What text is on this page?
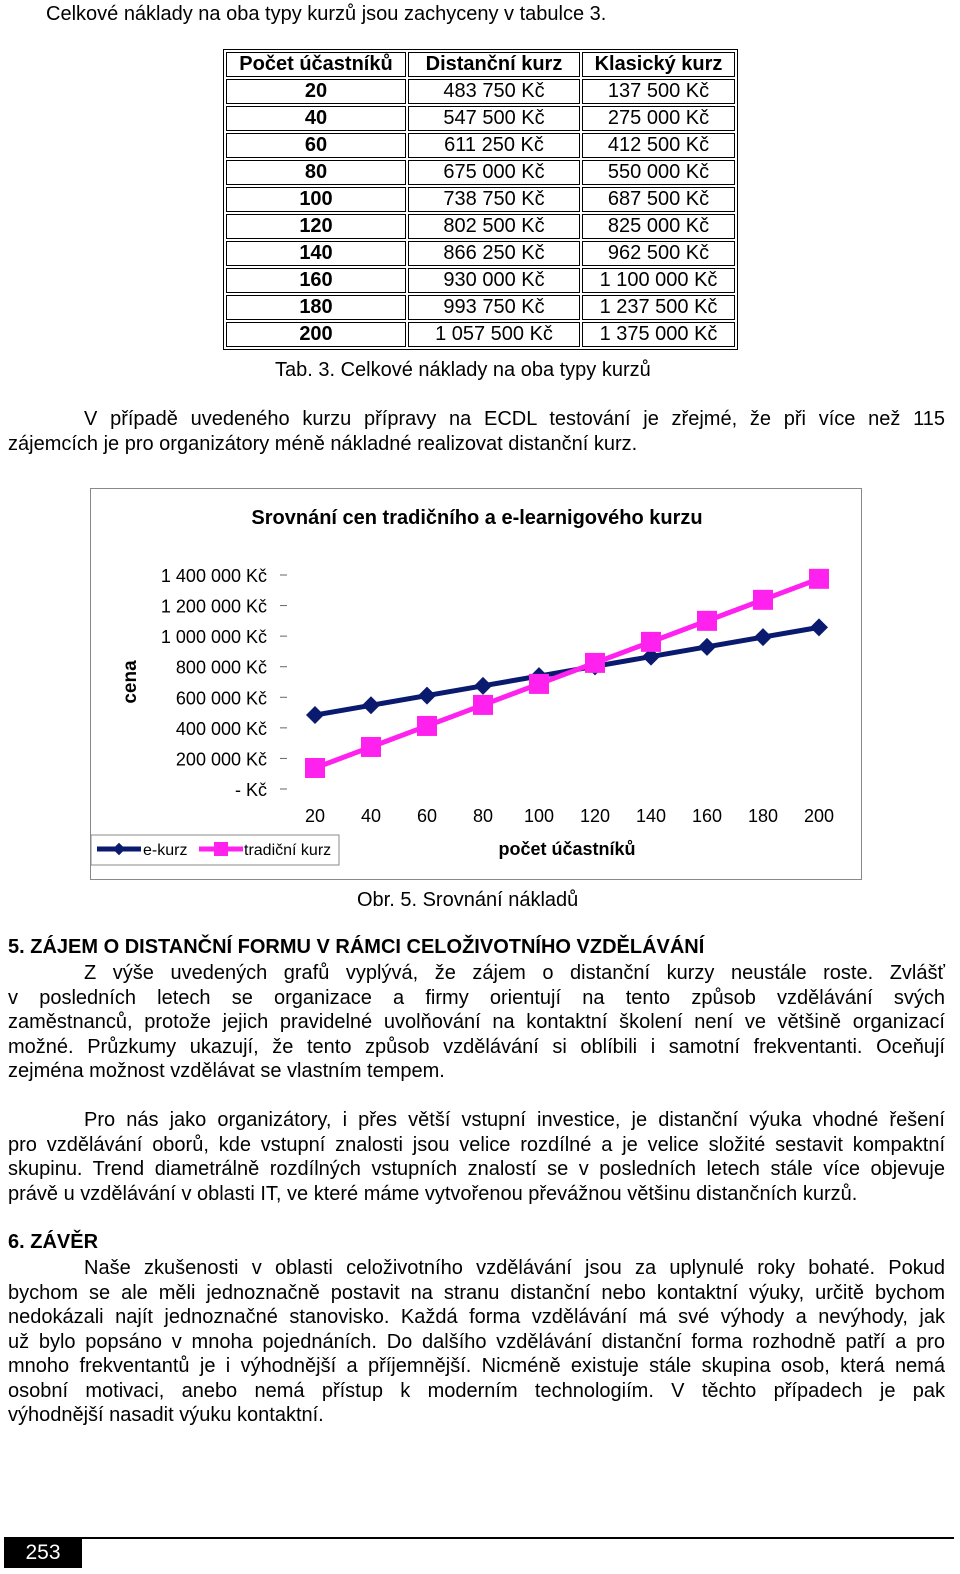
Celkové náklady na oba typy kurzů jsou zachyceny v tabulce 3.
Počet účastníků	Distanční kurz	Klasický kurz
20	483 750 Kč	137 500 Kč
40	547 500 Kč	275 000 Kč
60	611 250 Kč	412 500 Kč
80	675 000 Kč	550 000 Kč
100	738 750 Kč	687 500 Kč
120	802 500 Kč	825 000 Kč
140	866 250 Kč	962 500 Kč
160	930 000 Kč	1 100 000 Kč
180	993 750 Kč	1 237 500 Kč
200	1 057 500 Kč	1 375 000 Kč
Tab. 3. Celkové náklady na oba typy kurzů

V případě uvedeného kurzu přípravy na ECDL testování je zřejmé, že při více než 115

zájemcích je pro organizátory méně nákladné realizovat distanční kurz.

Srovnání cen tradičního a e-learnigového kurzu
cena
počet účastníků
1 400 000 Kč
1 200 000 Kč
1 000 000 Kč
800 000 Kč
600 000 Kč
400 000 Kč
200 000 Kč
- Kč
20 40 60 80 100 120 140 160 180 200
e-kurz	tradiční kurz
Obr. 5. Srovnání nákladů
5. ZÁJEM O DISTANČNÍ FORMU V RÁMCI CELOŽIVOTNÍHO VZDĚLÁVÁNÍ

Z výše uvedených grafů vyplývá, že zájem o distanční kurzy neustále roste. Zvlášť

v posledních letech se organizace a firmy orientují na tento způsob vzdělávání svých

zaměstnanců, protože jejich pravidelné uvolňování na kontaktní školení není ve většině organizací

možné. Průzkumy ukazují, že tento způsob vzdělávání si oblíbili i samotní frekventanti. Oceňují

zejména možnost vzdělávat se vlastním tempem.

Pro nás jako organizátory, i přes větší vstupní investice, je distanční výuka vhodné řešení

pro vzdělávání oborů, kde vstupní znalosti jsou velice rozdílné a je velice složité sestavit kompaktní

skupinu. Trend diametrálně rozdílných vstupních znalostí se v posledních letech stále více objevuje

právě u vzdělávání v oblasti IT, ve které máme vytvořenou převážnou většinu distančních kurzů.

6. ZÁVĚR

Naše zkušenosti v oblasti celoživotního vzdělávání jsou za uplynulé roky bohaté. Pokud

bychom se ale měli jednoznačně postavit na stranu distanční nebo kontaktní výuky, určitě bychom

nedokázali najít jednoznačné stanovisko. Každá forma vzdělávání má své výhody a nevýhody, jak

už bylo popsáno v mnoha pojednáních. Do dalšího vzdělávání distanční forma rozhodně patří a pro

mnoho frekventantů je i výhodnější a příjemnější. Nicméně existuje stále skupina osob, která nemá

osobní motivaci, anebo nemá přístup k moderním technologiím. V těchto případech je pak

výhodnější nasadit výuku kontaktní.

253
